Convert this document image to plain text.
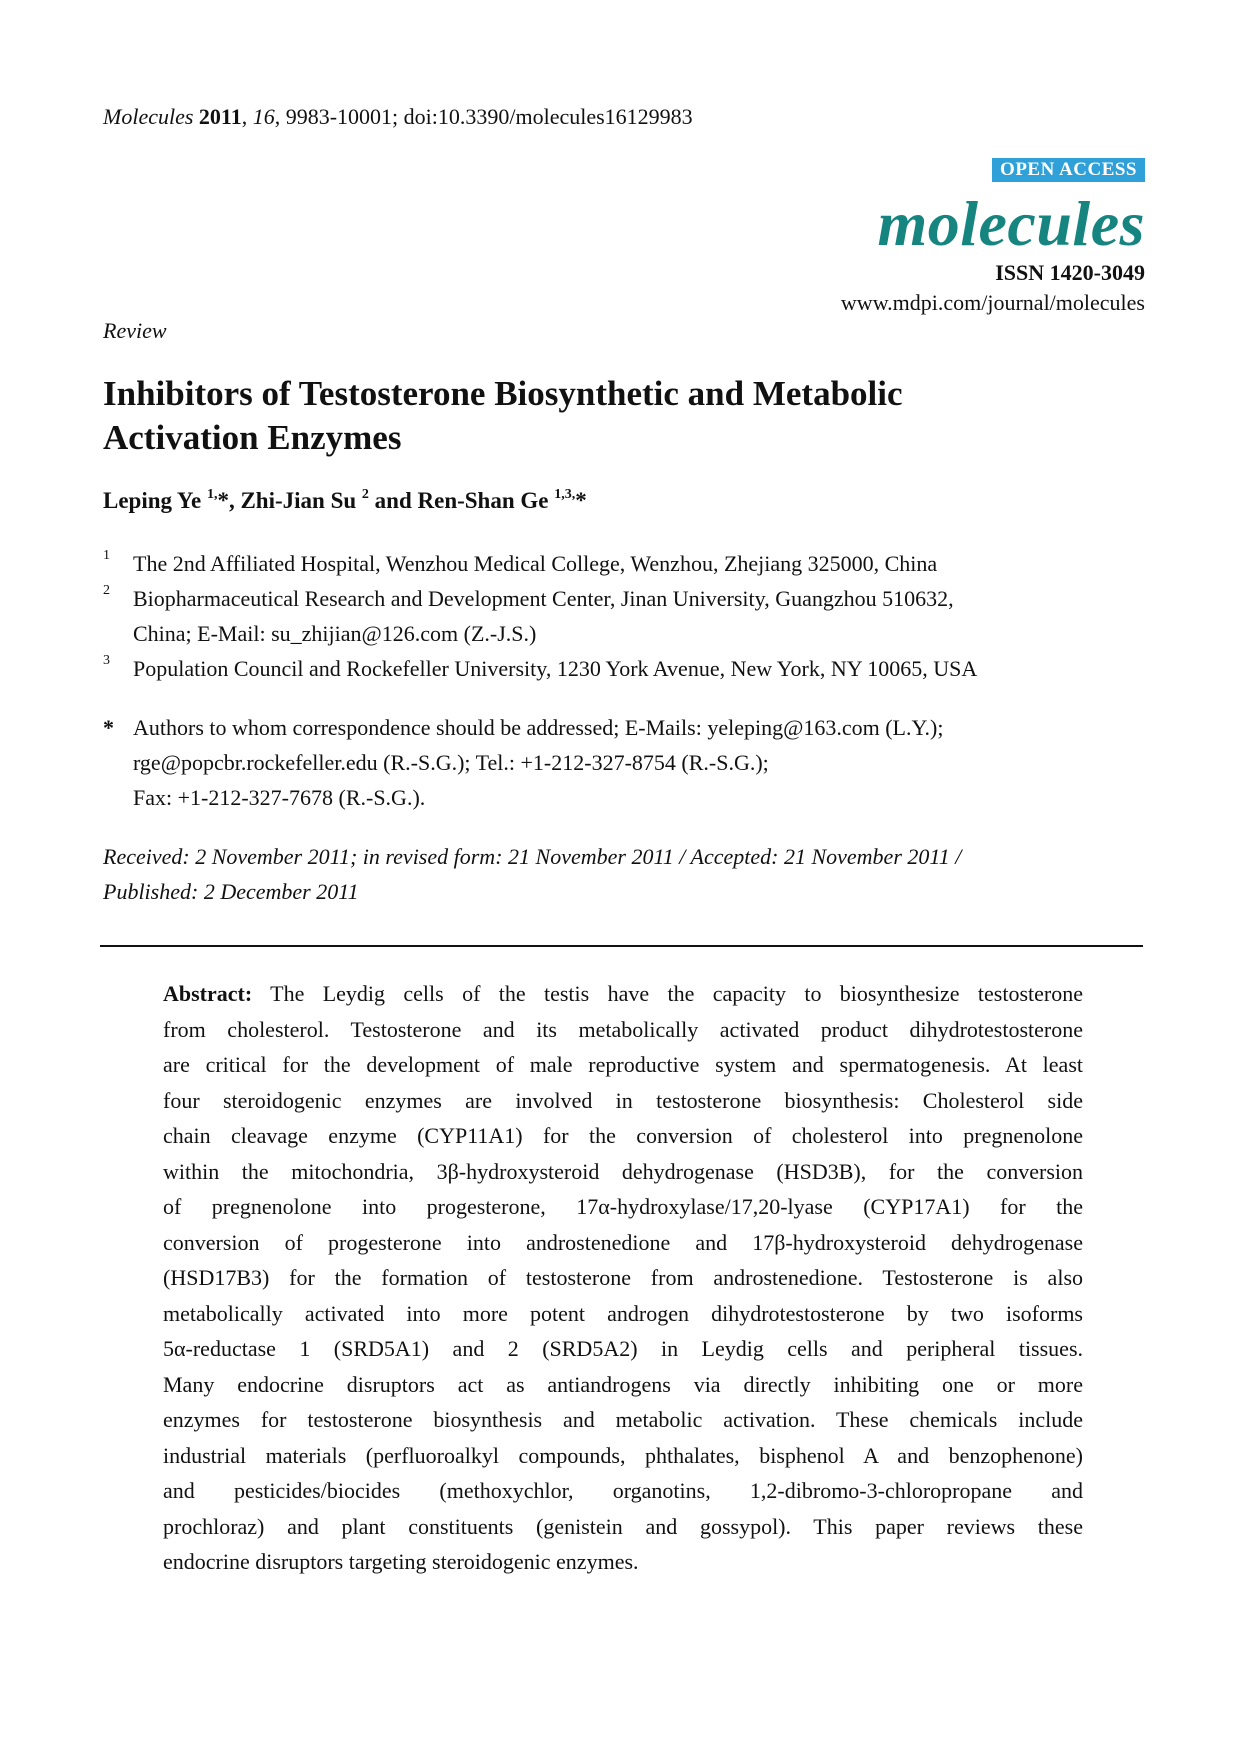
Molecules 2011, 16, 9983-10001; doi:10.3390/molecules16129983
OPEN ACCESS
molecules
ISSN 1420-3049
www.mdpi.com/journal/molecules
Review
Inhibitors of Testosterone Biosynthetic and Metabolic
Activation Enzymes
Leping Ye $^{1,}$*, Zhi-Jian Su $^2$ and Ren-Shan Ge $^{1,3,}$*
1 The 2nd Affiliated Hospital, Wenzhou Medical College, Wenzhou, Zhejiang 325000, China
2 Biopharmaceutical Research and Development Center, Jinan University, Guangzhou 510632,
China; E-Mail: su_zhijian@126.com (Z.-J.S.)
3 Population Council and Rockefeller University, 1230 York Avenue, New York, NY 10065, USA
* Authors to whom correspondence should be addressed; E-Mails: yeleping@163.com (L.Y.);
rge@popcbr.rockefeller.edu (R.-S.G.); Tel.: +1-212-327-8754 (R.-S.G.);
Fax: +1-212-327-7678 (R.-S.G.).
Received: 2 November 2011; in revised form: 21 November 2011 / Accepted: 21 November 2011 /
Published: 2 December 2011
Abstract: The Leydig cells of the testis have the capacity to biosynthesize testosterone
from cholesterol. Testosterone and its metabolically activated product dihydrotestosterone
are critical for the development of male reproductive system and spermatogenesis. At least
four steroidogenic enzymes are involved in testosterone biosynthesis: Cholesterol side
chain cleavage enzyme (CYP11A1) for the conversion of cholesterol into pregnenolone
within the mitochondria, 3β-hydroxysteroid dehydrogenase (HSD3B), for the conversion
of pregnenolone into progesterone, 17α-hydroxylase/17,20-lyase (CYP17A1) for the
conversion of progesterone into androstenedione and 17β-hydroxysteroid dehydrogenase
(HSD17B3) for the formation of testosterone from androstenedione. Testosterone is also
metabolically activated into more potent androgen dihydrotestosterone by two isoforms
5α-reductase 1 (SRD5A1) and 2 (SRD5A2) in Leydig cells and peripheral tissues.
Many endocrine disruptors act as antiandrogens via directly inhibiting one or more
enzymes for testosterone biosynthesis and metabolic activation. These chemicals include
industrial materials (perfluoroalkyl compounds, phthalates, bisphenol A and benzophenone)
and pesticides/biocides (methoxychlor, organotins, 1,2-dibromo-3-chloropropane and
prochloraz) and plant constituents (genistein and gossypol). This paper reviews these
endocrine disruptors targeting steroidogenic enzymes.
